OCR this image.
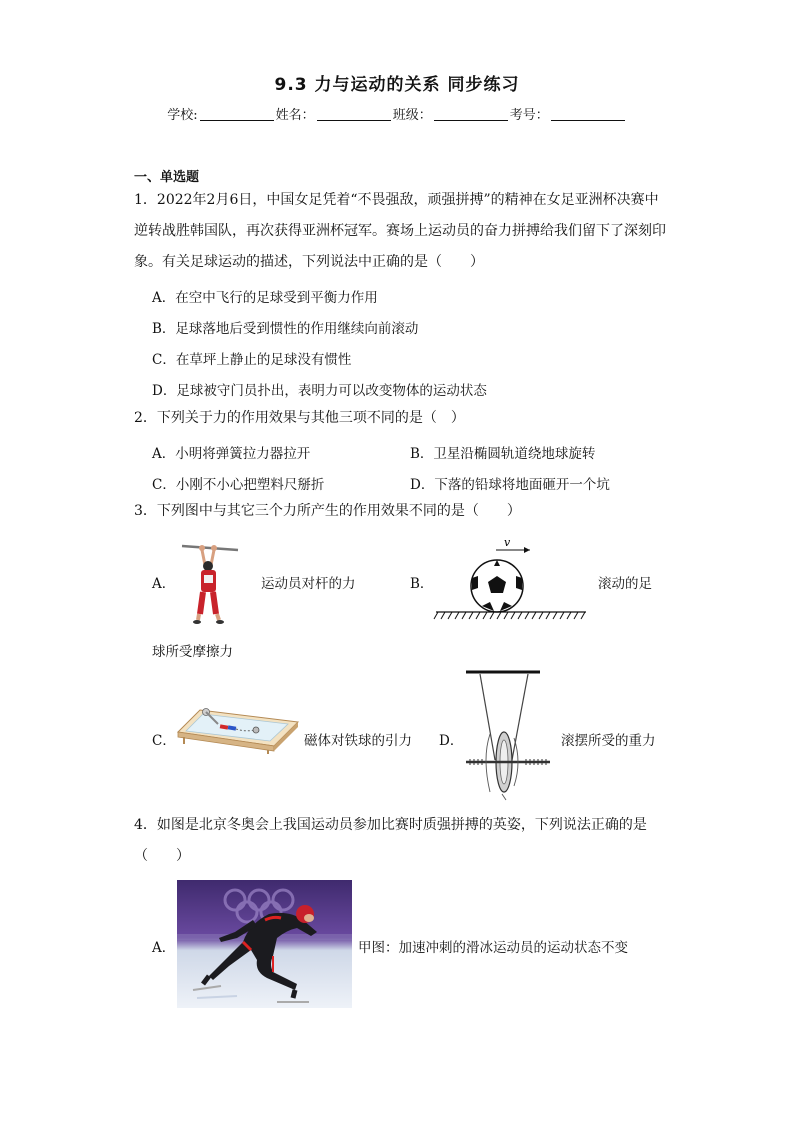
9.3 力与运动的关系 同步练习
学校:	姓名：	班级：	考号：
一、单选题
1．2022年2月6日，中国女足凭着“不畏强敌，顽强拼搏”的精神在女足亚洲杯决赛中
逆转战胜韩国队，再次获得亚洲杯冠军。赛场上运动员的奋力拼搏给我们留下了深刻印
象。有关足球运动的描述，下列说法中正确的是（　　）
A．在空中飞行的足球受到平衡力作用
B．足球落地后受到惯性的作用继续向前滚动
C．在草坪上静止的足球没有惯性
D．足球被守门员扑出，表明力可以改变物体的运动状态
2．下列关于力的作用效果与其他三项不同的是（　）
A．小明将弹簧拉力器拉开	B．卫星沿椭圆轨道绕地球旋转
C．小刚不小心把塑料尺掰折	D．下落的铅球将地面砸开一个坑
3．下列图中与其它三个力所产生的作用效果不同的是（　　）
A．	运动员对杆的力	B．
v
滚动的足
球所受摩擦力
C．	磁体对铁球的引力 D．	滚摆所受的重力
4．如图是北京冬奥会上我国运动员参加比赛时质强拼搏的英姿，下列说法正确的是
（　　）
A．	甲图：加速冲刺的滑冰运动员的运动状态不变
